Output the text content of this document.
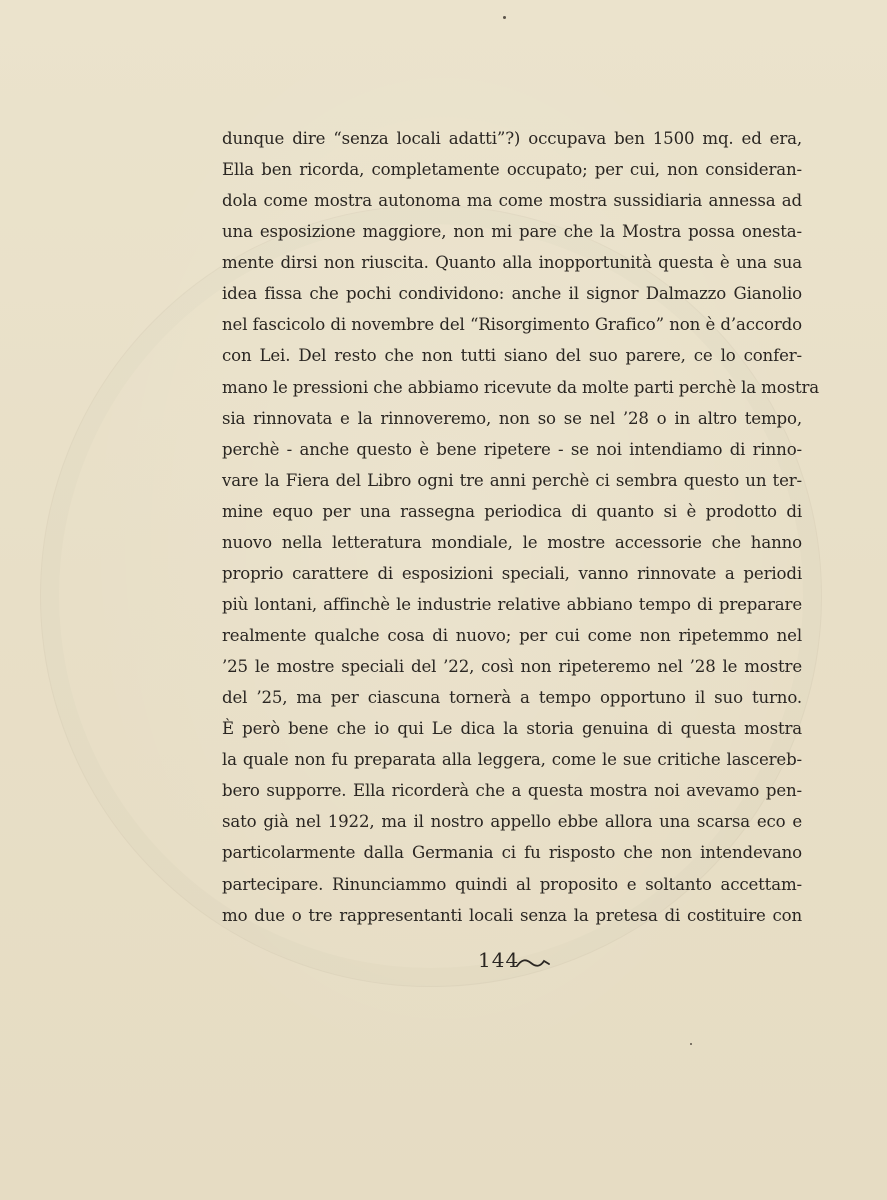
dunque dire “senza locali adatti”?) occupava ben 1500 mq. ed era,
Ella ben ricorda, completamente occupato; per cui, non consideran-
dola come mostra autonoma ma come mostra sussidiaria annessa ad
una esposizione maggiore, non mi pare che la Mostra possa onesta-
mente dirsi non riuscita. Quanto alla inopportunità questa è una sua
idea fissa che pochi condividono: anche il signor Dalmazzo Gianolio
nel fascicolo di novembre del “Risorgimento Grafico” non è d’accordo
con Lei. Del resto che non tutti siano del suo parere, ce lo confer-
mano le pressioni che abbiamo ricevute da molte parti perchè la mostra
sia rinnovata e la rinnoveremo, non so se nel ’28 o in altro tempo,
perchè - anche questo è bene ripetere - se noi intendiamo di rinno-
vare la Fiera del Libro ogni tre anni perchè ci sembra questo un ter-
mine equo per una rassegna periodica di quanto si è prodotto di
nuovo nella letteratura mondiale, le mostre accessorie che hanno
proprio carattere di esposizioni speciali, vanno rinnovate a periodi
più lontani, affinchè le industrie relative abbiano tempo di preparare
realmente qualche cosa di nuovo; per cui come non ripetemmo nel
’25 le mostre speciali del ’22, così non ripeteremo nel ’28 le mostre
del ’25, ma per ciascuna tornerà a tempo opportuno il suo turno.
È però bene che io qui Le dica la storia genuina di questa mostra
la quale non fu preparata alla leggera, come le sue critiche lascereb-
bero supporre. Ella ricorderà che a questa mostra noi avevamo pen-
sato già nel 1922, ma il nostro appello ebbe allora una scarsa eco e
particolarmente dalla Germania ci fu risposto che non intendevano
partecipare. Rinunciammo quindi al proposito e soltanto accettam-
mo due o tre rappresentanti locali senza la pretesa di costituire con
144
